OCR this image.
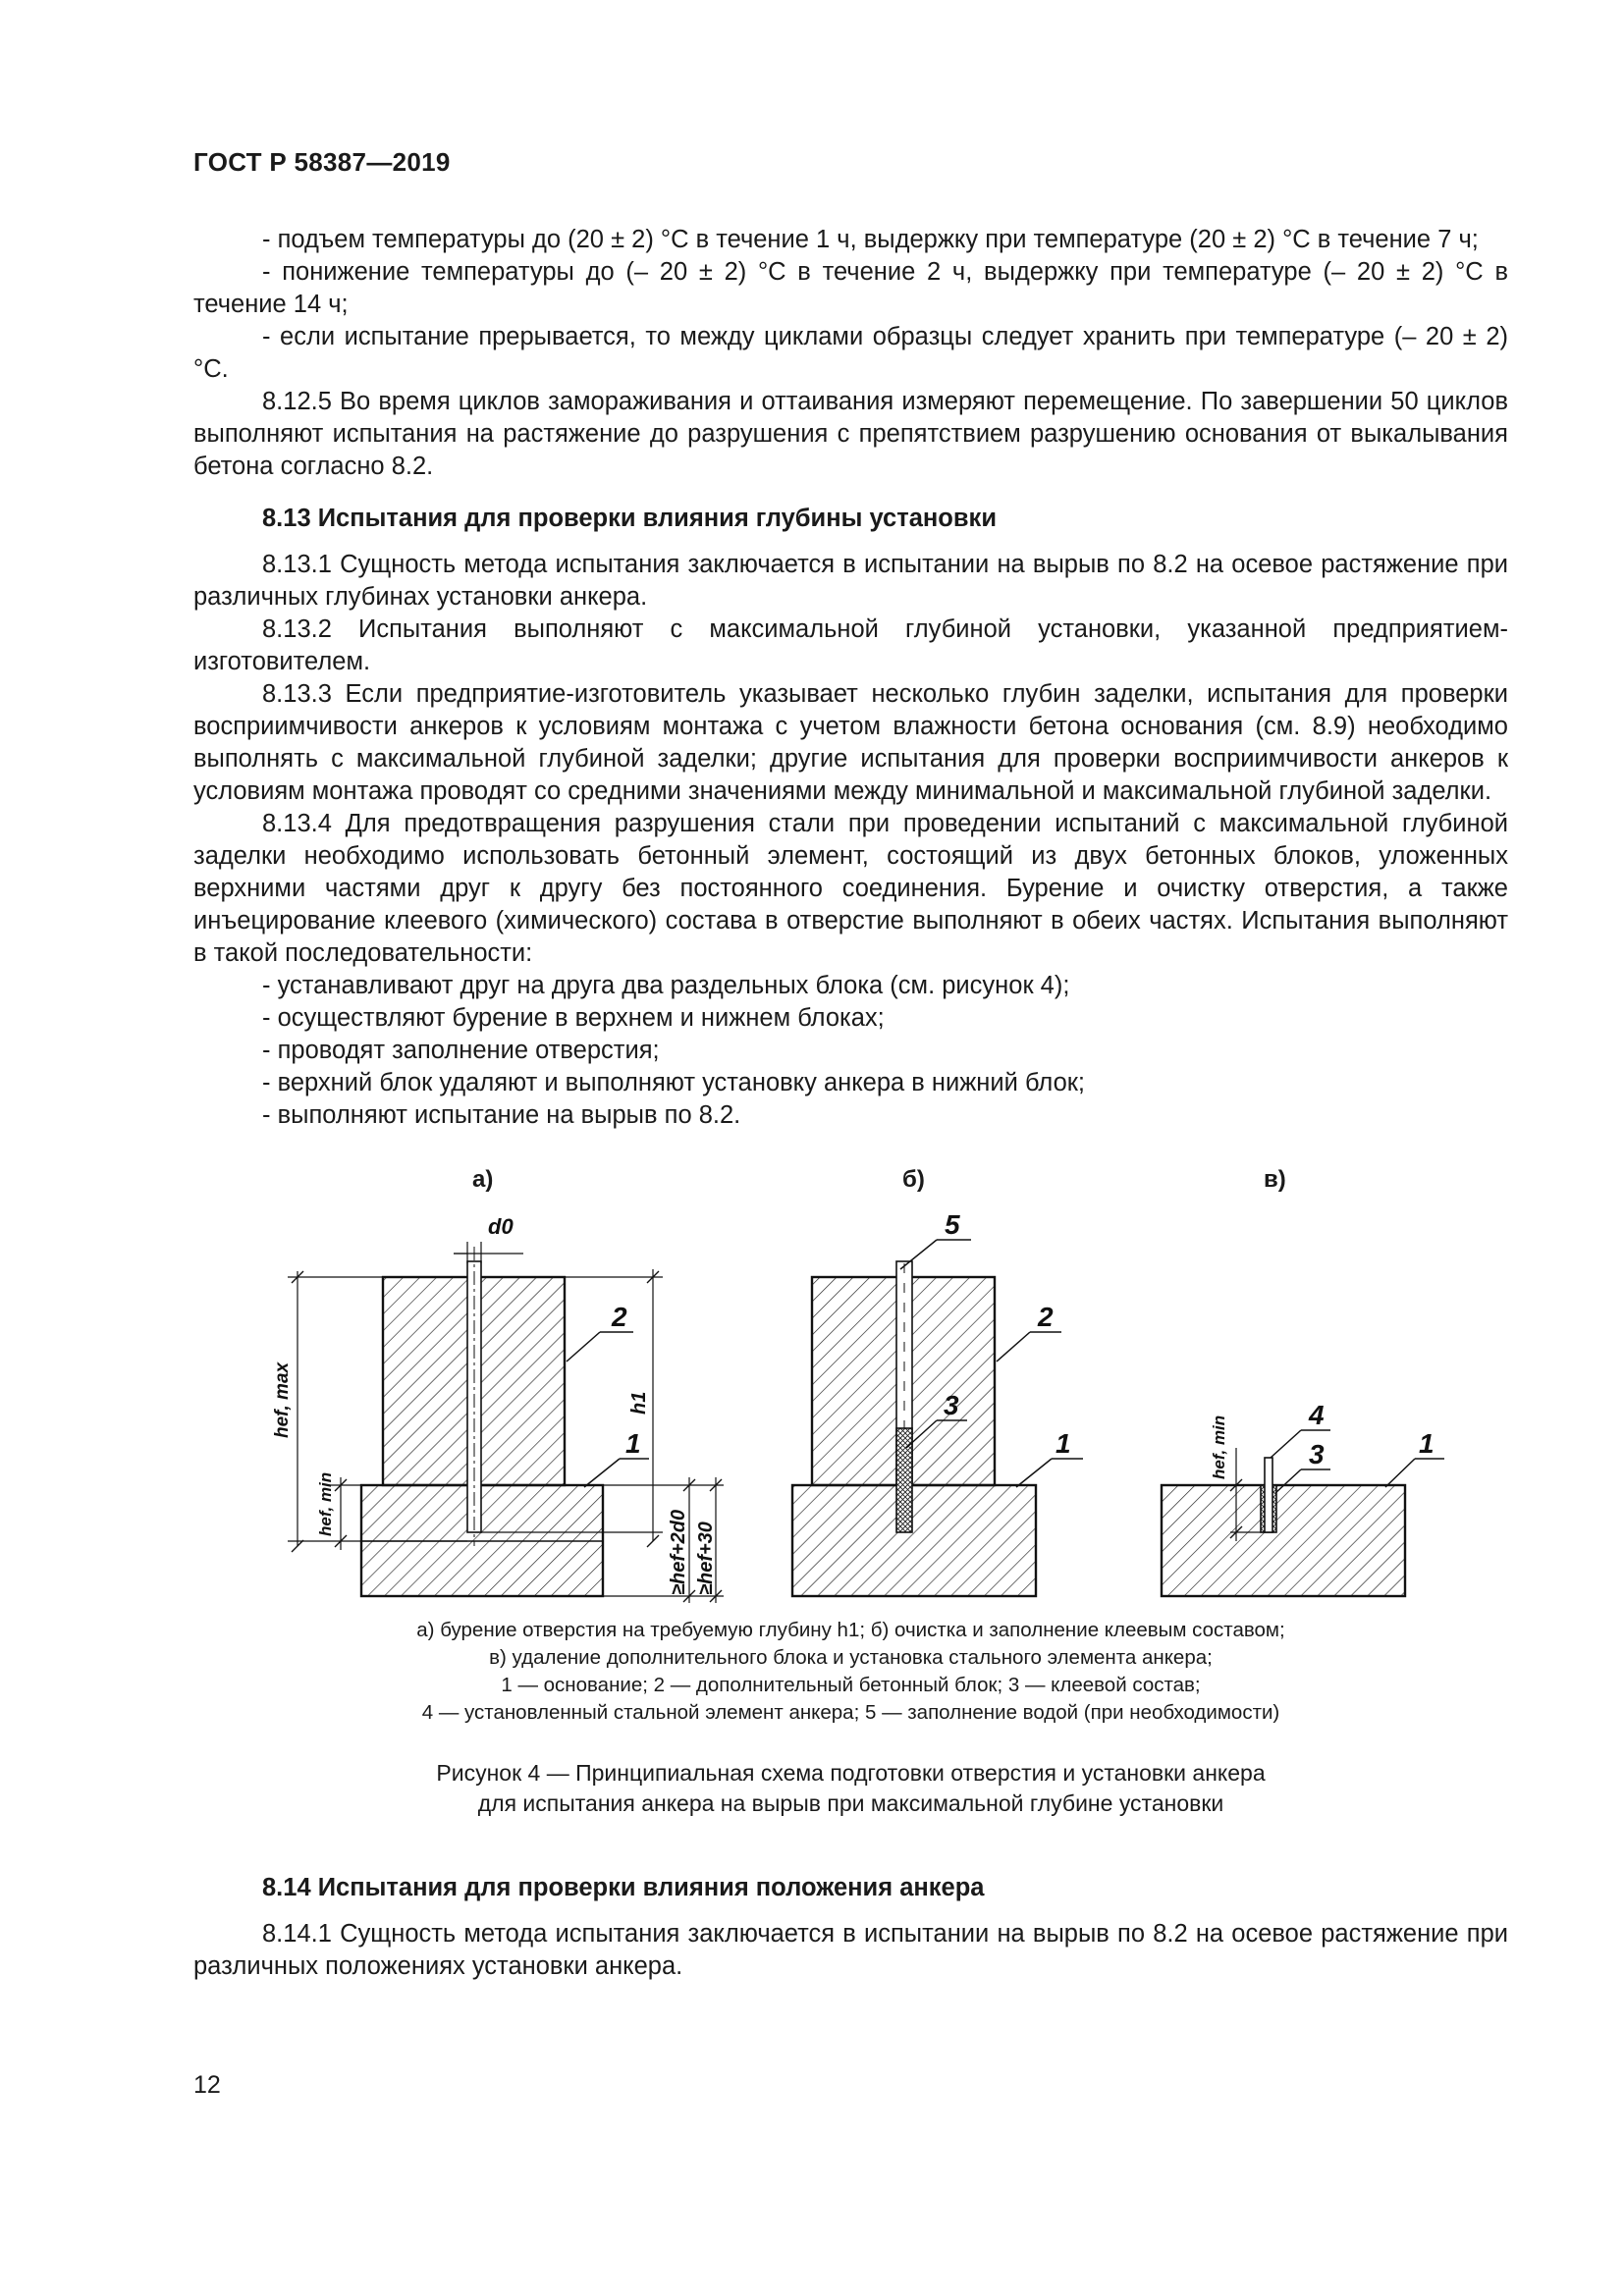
ГОСТ Р 58387—2019

- подъем температуры до (20 ± 2) °С в течение 1 ч, выдержку при температуре (20 ± 2) °С в течение 7 ч;

- понижение температуры до (– 20 ± 2) °С в течение 2 ч, выдержку при температуре (– 20 ± 2) °С в течение 14 ч;

- если испытание прерывается, то между циклами образцы следует хранить при температуре (– 20 ± 2) °С.

8.12.5 Во время циклов замораживания и оттаивания измеряют перемещение. По завершении 50 циклов выполняют испытания на растяжение до разрушения с препятствием разрушению основания от выкалывания бетона согласно 8.2.

8.13 Испытания для проверки влияния глубины установки

8.13.1 Сущность метода испытания заключается в испытании на вырыв по 8.2 на осевое растяжение при различных глубинах установки анкера.

8.13.2 Испытания выполняют с максимальной глубиной установки, указанной предприятием-изготовителем.

8.13.3 Если предприятие-изготовитель указывает несколько глубин заделки, испытания для проверки восприимчивости анкеров к условиям монтажа с учетом влажности бетона основания (см. 8.9) необходимо выполнять с максимальной глубиной заделки; другие испытания для проверки восприимчивости анкеров к условиям монтажа проводят со средними значениями между минимальной и максимальной глубиной заделки.

8.13.4 Для предотвращения разрушения стали при проведении испытаний с максимальной глубиной заделки необходимо использовать бетонный элемент, состоящий из двух бетонных блоков, уложенных верхними частями друг к другу без постоянного соединения. Бурение и очистку отверстия, а также инъецирование клеевого (химического) состава в отверстие выполняют в обеих частях. Испытания выполняют в такой последовательности:

- устанавливают друг на друга два раздельных блока (см. рисунок 4);

- осуществляют бурение в верхнем и нижнем блоках;

- проводят заполнение отверстия;

- верхний блок удаляют и выполняют установку анкера в нижний блок;

- выполняют испытание на вырыв по 8.2.

а)	б)	в)
d0
2
1
hef, max
hef, min
h1
≥hef+2d0 ≥hef+30
5
2
3
1
4
3	1
hef, min
а) бурение отверстия на требуемую глубину h1; б) очистка и заполнение клеевым составом;
в) удаление дополнительного блока и установка стального элемента анкера;
1 — основание; 2 — дополнительный бетонный блок; 3 — клеевой состав;
4 — установленный стальной элемент анкера; 5 — заполнение водой (при необходимости)
Рисунок 4 — Принципиальная схема подготовки отверстия и установки анкера
для испытания анкера на вырыв при максимальной глубине установки
8.14 Испытания для проверки влияния положения анкера

8.14.1 Сущность метода испытания заключается в испытании на вырыв по 8.2 на осевое растяжение при различных положениях установки анкера.

12
